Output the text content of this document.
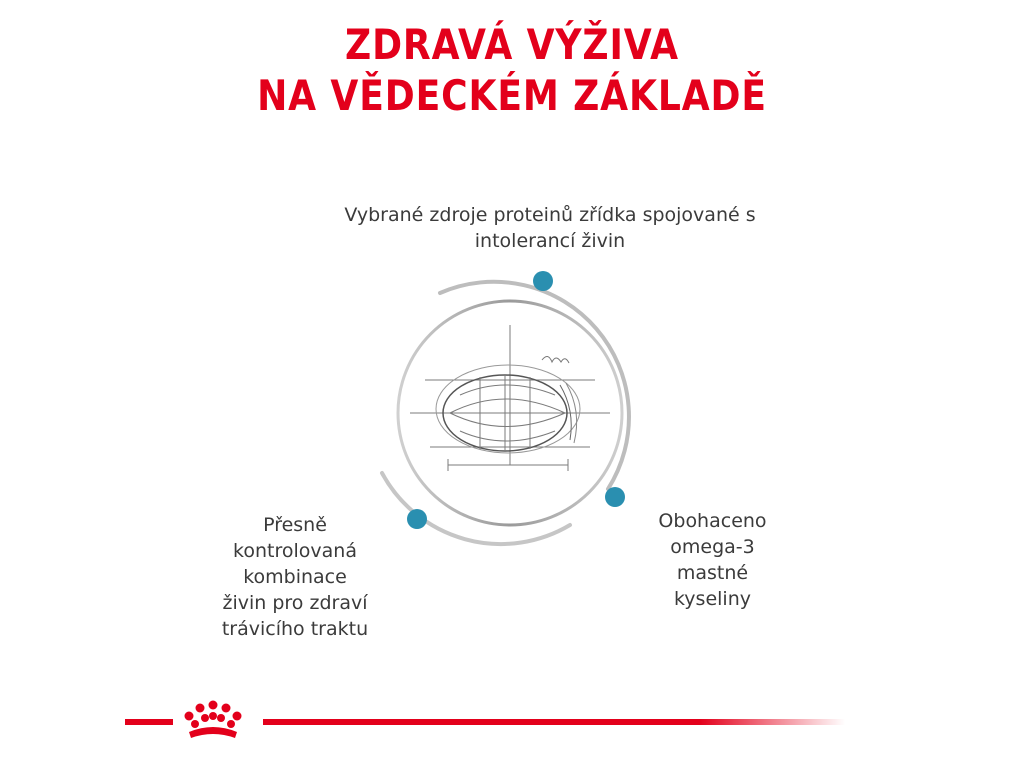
ZDRAVÁ VÝŽIVA
NA VĚDECKÉM ZÁKLADĚ
Vybrané zdroje proteinů zřídka spojované s
intolerancí živin
Přesně
kontrolovaná
kombinace
živin pro zdraví
trávicího traktu
Obohaceno
omega-3
mastné
kyseliny
